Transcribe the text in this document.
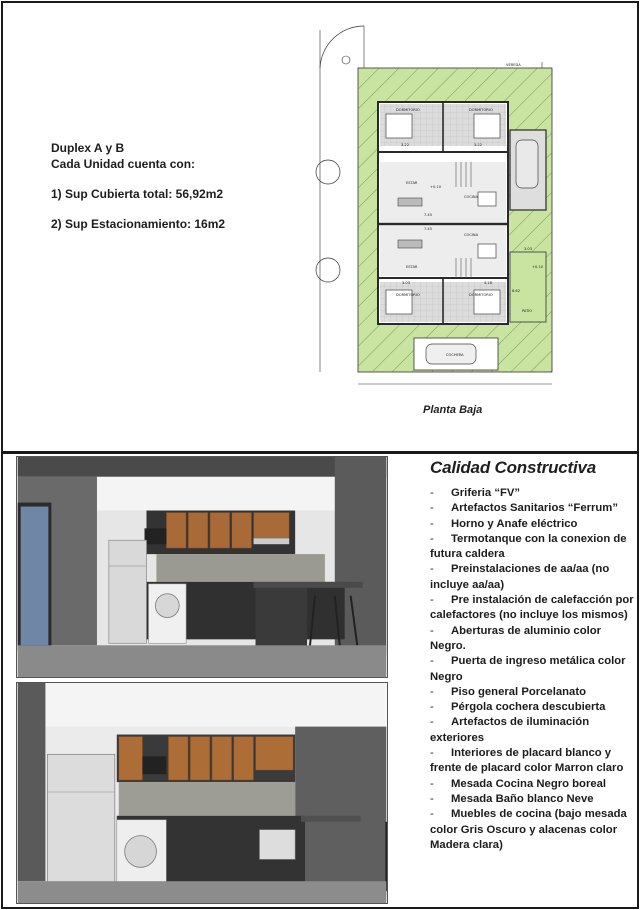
Duplex A y B
Cada Unidad cuenta con:
1) Sup Cubierta total: 56,92m2
2) Sup Estacionamiento: 16m2
DORMITORIO	DORMITORIO
ESTAR
COCINA
ESTAR
COCINA
DORMITORIO	DORMITORIO
PATIO
COCHERA
VEREDA
3.22	3.22
7.45
7.45
4.18
3.03
3.03
8.62
+0.10
+0.10
Planta Baja
Calidad Constructiva
- Griferia “FV”
- Artefactos Sanitarios “Ferrum”
- Horno y Anafe eléctrico
- Termotanque con la conexion de futura caldera
- Preinstalaciones de aa/aa (no incluye aa/aa)
- Pre instalación de calefacción por calefactores (no incluye los mismos)
- Aberturas de aluminio color Negro.
- Puerta de ingreso metálica color Negro
- Piso general Porcelanato
- Pérgola cochera descubierta
- Artefactos de iluminación exteriores
- Interiores de placard blanco y frente de placard color Marron claro
- Mesada Cocina Negro boreal
- Mesada Baño blanco Neve
- Muebles de cocina (bajo mesada color Gris Oscuro y alacenas color Madera clara)
